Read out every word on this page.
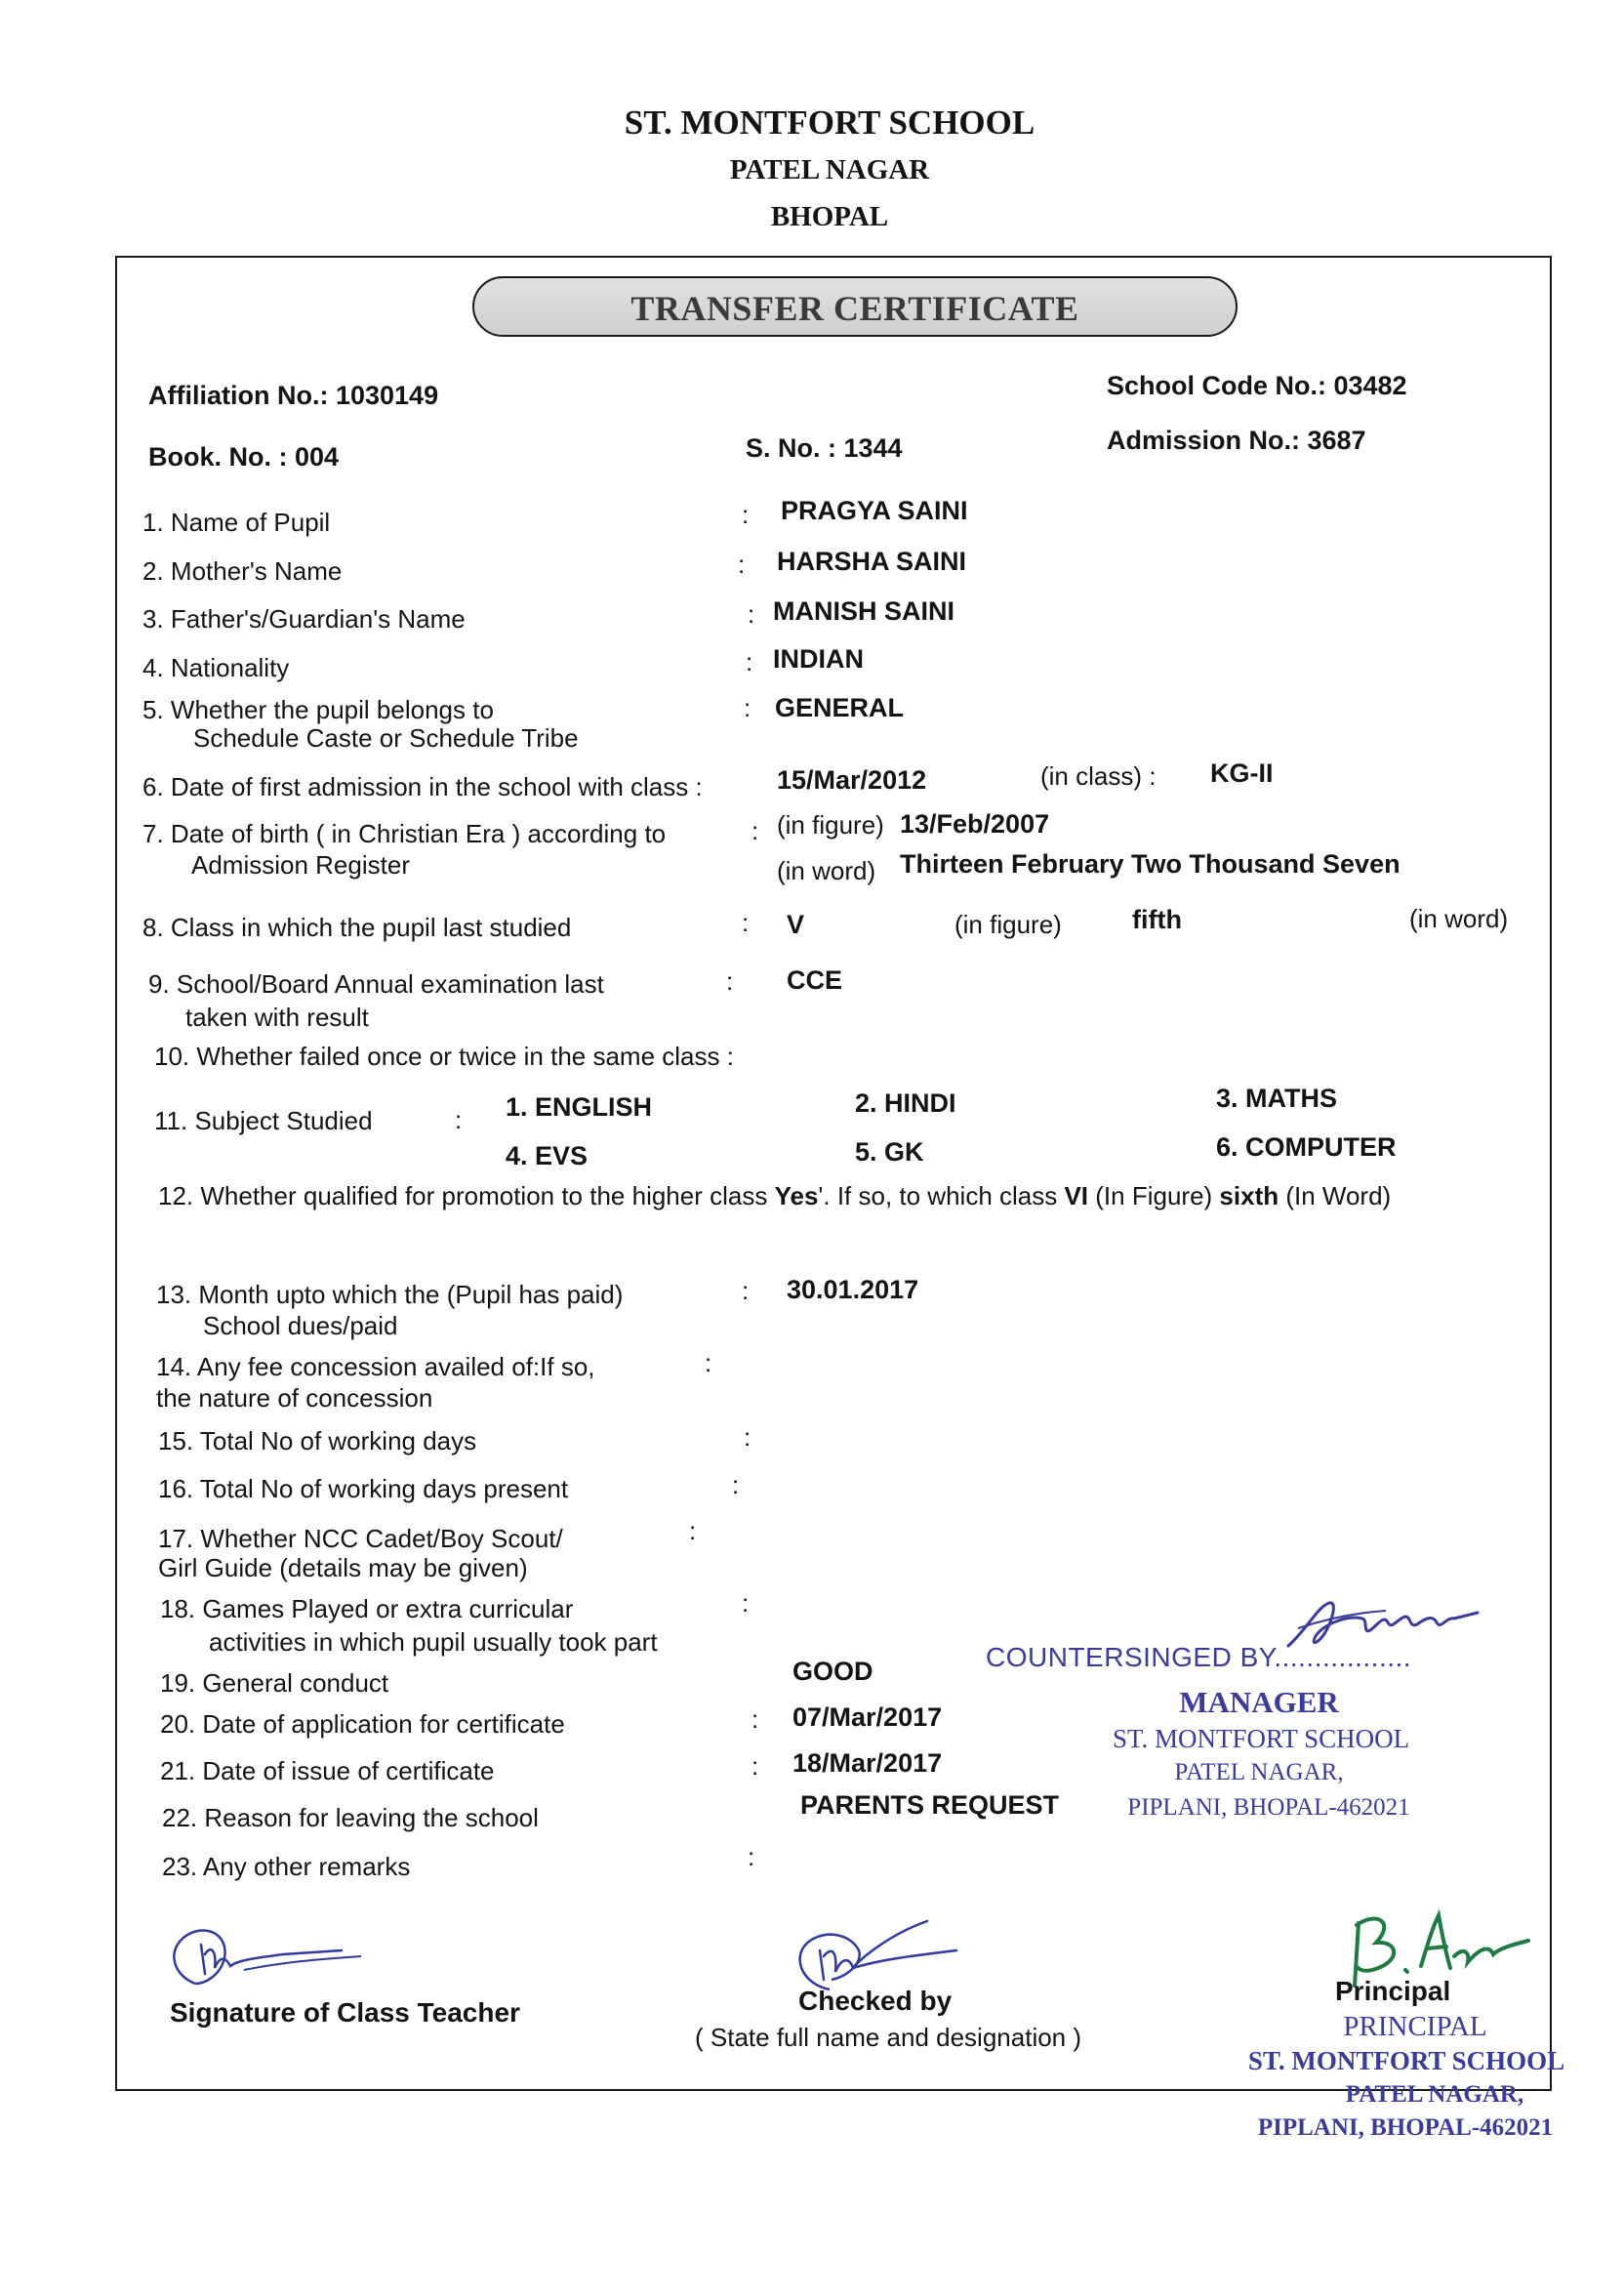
ST. MONTFORT SCHOOL
PATEL NAGAR
BHOPAL
TRANSFER CERTIFICATE
Affiliation No.: 1030149	School Code No.: 03482
Book. No. : 004	S. No. : 1344	Admission No.: 3687
1. Name of Pupil	: PRAGYA SAINI
2. Mother's Name	: HARSHA SAINI
3. Father's/Guardian's Name	: MANISH SAINI
4. Nationality	: INDIAN
5. Whether the pupil belongs to
Schedule Caste or Schedule Tribe
: GENERAL
6. Date of first admission in the school with class :	15/Mar/2012	(in class) : KG-II
7. Date of birth ( in Christian Era ) according to
Admission Register
: (in figure) 13/Feb/2007
(in word) Thirteen February Two Thousand Seven
8. Class in which the pupil last studied	: V	(in figure)	fifth	(in word)
9. School/Board Annual examination last
taken with result
: CCE
10. Whether failed once or twice in the same class :
11. Subject Studied	: 1. ENGLISH	2. HINDI	3. MATHS
4. EVS	5. GK	6. COMPUTER
12. Whether qualified for promotion to the higher class Yes'. If so, to which class VI (In Figure) sixth (In Word)
13. Month upto which the (Pupil has paid)
School dues/paid
: 30.01.2017
14. Any fee concession availed of:If so,
the nature of concession
:
15. Total No of working days	:
16. Total No of working days present	:
17. Whether NCC Cadet/Boy Scout/
Girl Guide (details may be given)
:
18. Games Played or extra curricular
activities in which pupil usually took part
:
19. General conduct	GOOD
20. Date of application for certificate	: 07/Mar/2017
21. Date of issue of certificate	: 18/Mar/2017
22. Reason for leaving the school	PARENTS REQUEST
23. Any other remarks	:
COUNTERSINGED BY.................
MANAGER
ST. MONTFORT SCHOOL
PATEL NAGAR,
PIPLANI, BHOPAL-462021
Signature of Class Teacher	Checked by
( State full name and designation )
Principal
PRINCIPAL
ST. MONTFORT SCHOOL
PATEL NAGAR,
PIPLANI, BHOPAL-462021
